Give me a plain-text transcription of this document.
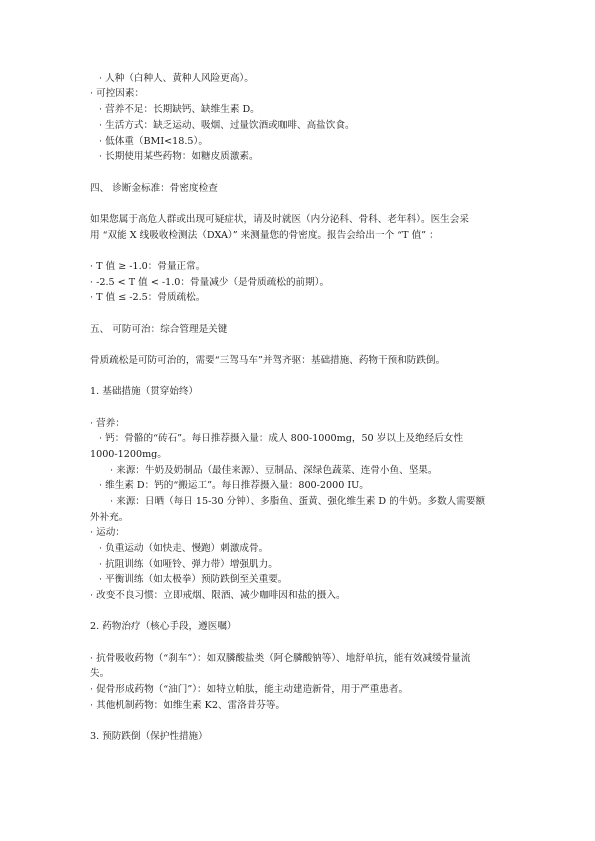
· 人种（白种人、黄种人风险更高）。
· 可控因素：
· 营养不足：长期缺钙、缺维生素 D。
· 生活方式：缺乏运动、吸烟、过量饮酒或咖啡、高盐饮食。
· 低体重（BMI<18.5）。
· 长期使用某些药物：如糖皮质激素。
四、 诊断金标准：骨密度检查
如果您属于高危人群或出现可疑症状，请及时就医（内分泌科、骨科、老年科）。医生会采
用 “双能 X 线吸收检测法（DXA）” 来测量您的骨密度。报告会给出一个 “T 值” ：
· T 值 ≥ -1.0：骨量正常。
· -2.5 < T 值 < -1.0：骨量减少（是骨质疏松的前期）。
· T 值 ≤ -2.5：骨质疏松。
五、 可防可治：综合管理是关键
骨质疏松是可防可治的，需要“三驾马车”并驾齐驱：基础措施、药物干预和防跌倒。
1. 基础措施（贯穿始终）
· 营养：
· 钙：骨骼的“砖石”。每日推荐摄入量：成人 800-1000mg，50 岁以上及绝经后女性
1000-1200mg。
· 来源：牛奶及奶制品（最佳来源）、豆制品、深绿色蔬菜、连骨小鱼、坚果。
· 维生素 D：钙的“搬运工”。每日推荐摄入量：800-2000 IU。
· 来源：日晒（每日 15-30 分钟）、多脂鱼、蛋黄、强化维生素 D 的牛奶。多数人需要额
外补充。
· 运动：
· 负重运动（如快走、慢跑）刺激成骨。
· 抗阻训练（如哑铃、弹力带）增强肌力。
· 平衡训练（如太极拳）预防跌倒至关重要。
· 改变不良习惯：立即戒烟、限酒、减少咖啡因和盐的摄入。
2. 药物治疗（核心手段，遵医嘱）
· 抗骨吸收药物（“刹车”）：如双膦酸盐类（阿仑膦酸钠等）、地舒单抗，能有效减缓骨量流
失。
· 促骨形成药物（“油门”）：如特立帕肽，能主动建造新骨，用于严重患者。
· 其他机制药物：如维生素 K2、雷洛昔芬等。
3. 预防跌倒（保护性措施）
